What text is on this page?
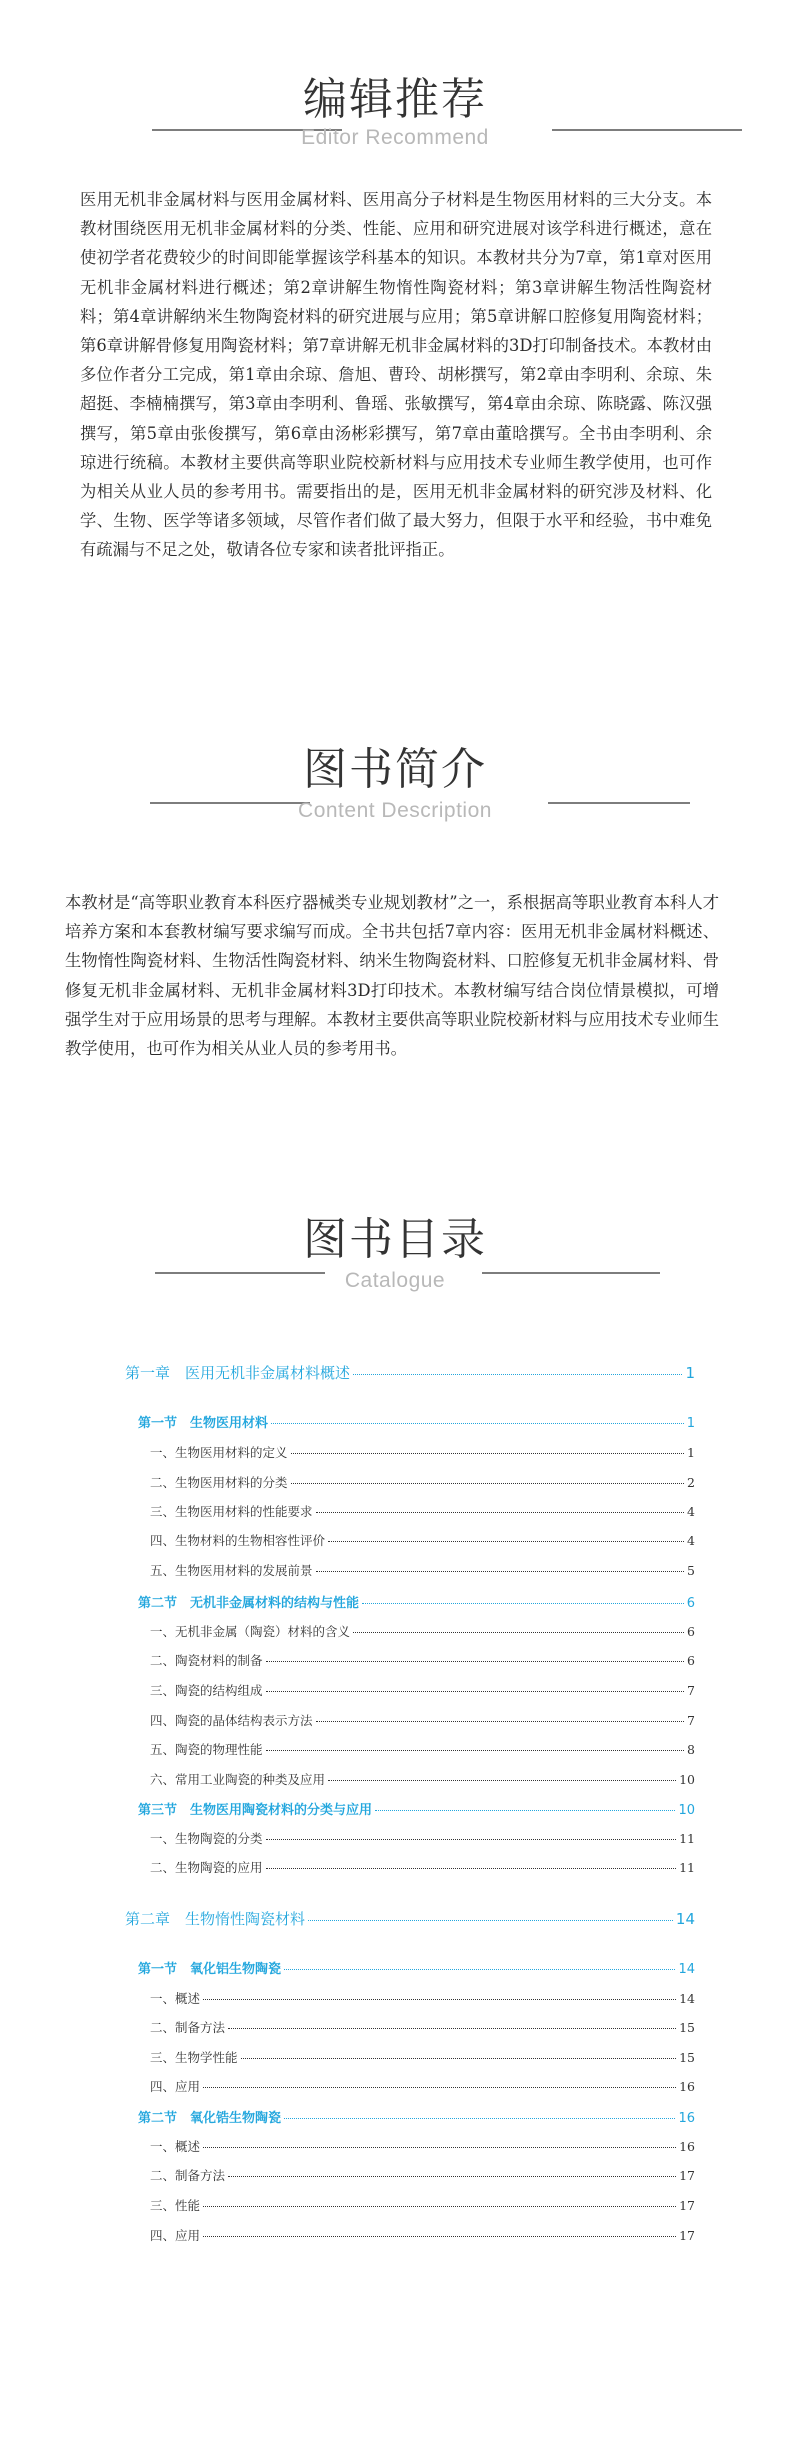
编辑推荐
Editor Recommend

医用无机非金属材料与医用金属材料、医用高分子材料是生物医用材料的三大分支。本教材围绕医用无机非金属材料的分类、性能、应用和研究进展对该学科进行概述，意在使初学者花费较少的时间即能掌握该学科基本的知识。本教材共分为7章，第1章对医用无机非金属材料进行概述；第2章讲解生物惰性陶瓷材料；第3章讲解生物活性陶瓷材料；第4章讲解纳米生物陶瓷材料的研究进展与应用；第5章讲解口腔修复用陶瓷材料；第6章讲解骨修复用陶瓷材料；第7章讲解无机非金属材料的3D打印制备技术。本教材由多位作者分工完成，第1章由余琼、詹旭、曹玲、胡彬撰写，第2章由李明利、余琼、朱超挺、李楠楠撰写，第3章由李明利、鲁瑶、张敏撰写，第4章由余琼、陈晓露、陈汉强撰写，第5章由张俊撰写，第6章由汤彬彩撰写，第7章由董晗撰写。全书由李明利、余琼进行统稿。本教材主要供高等职业院校新材料与应用技术专业师生教学使用，也可作为相关从业人员的参考用书。需要指出的是，医用无机非金属材料的研究涉及材料、化学、生物、医学等诸多领域，尽管作者们做了最大努力，但限于水平和经验，书中难免有疏漏与不足之处，敬请各位专家和读者批评指正。

图书简介
Content Description

本教材是“高等职业教育本科医疗器械类专业规划教材”之一，系根据高等职业教育本科人才培养方案和本套教材编写要求编写而成。全书共包括7章内容：医用无机非金属材料概述、生物惰性陶瓷材料、生物活性陶瓷材料、纳米生物陶瓷材料、口腔修复无机非金属材料、骨修复无机非金属材料、无机非金属材料3D打印技术。本教材编写结合岗位情景模拟，可增强学生对于应用场景的思考与理解。本教材主要供高等职业院校新材料与应用技术专业师生教学使用，也可作为相关从业人员的参考用书。

图书目录
Catalogue
第一章　医用无机非金属材料概述	1
第一节　生物医用材料	1
一、生物医用材料的定义	1
二、生物医用材料的分类	2
三、生物医用材料的性能要求	4
四、生物材料的生物相容性评价	4
五、生物医用材料的发展前景	5
第二节　无机非金属材料的结构与性能	6
一、无机非金属（陶瓷）材料的含义	6
二、陶瓷材料的制备	6
三、陶瓷的结构组成	7
四、陶瓷的晶体结构表示方法	7
五、陶瓷的物理性能	8
六、常用工业陶瓷的种类及应用	10
第三节　生物医用陶瓷材料的分类与应用	10
一、生物陶瓷的分类	11
二、生物陶瓷的应用	11
第二章　生物惰性陶瓷材料	14
第一节　氧化铝生物陶瓷	14
一、概述	14
二、制备方法	15
三、生物学性能	15
四、应用	16
第二节　氧化锆生物陶瓷	16
一、概述	16
二、制备方法	17
三、性能	17
四、应用	17
